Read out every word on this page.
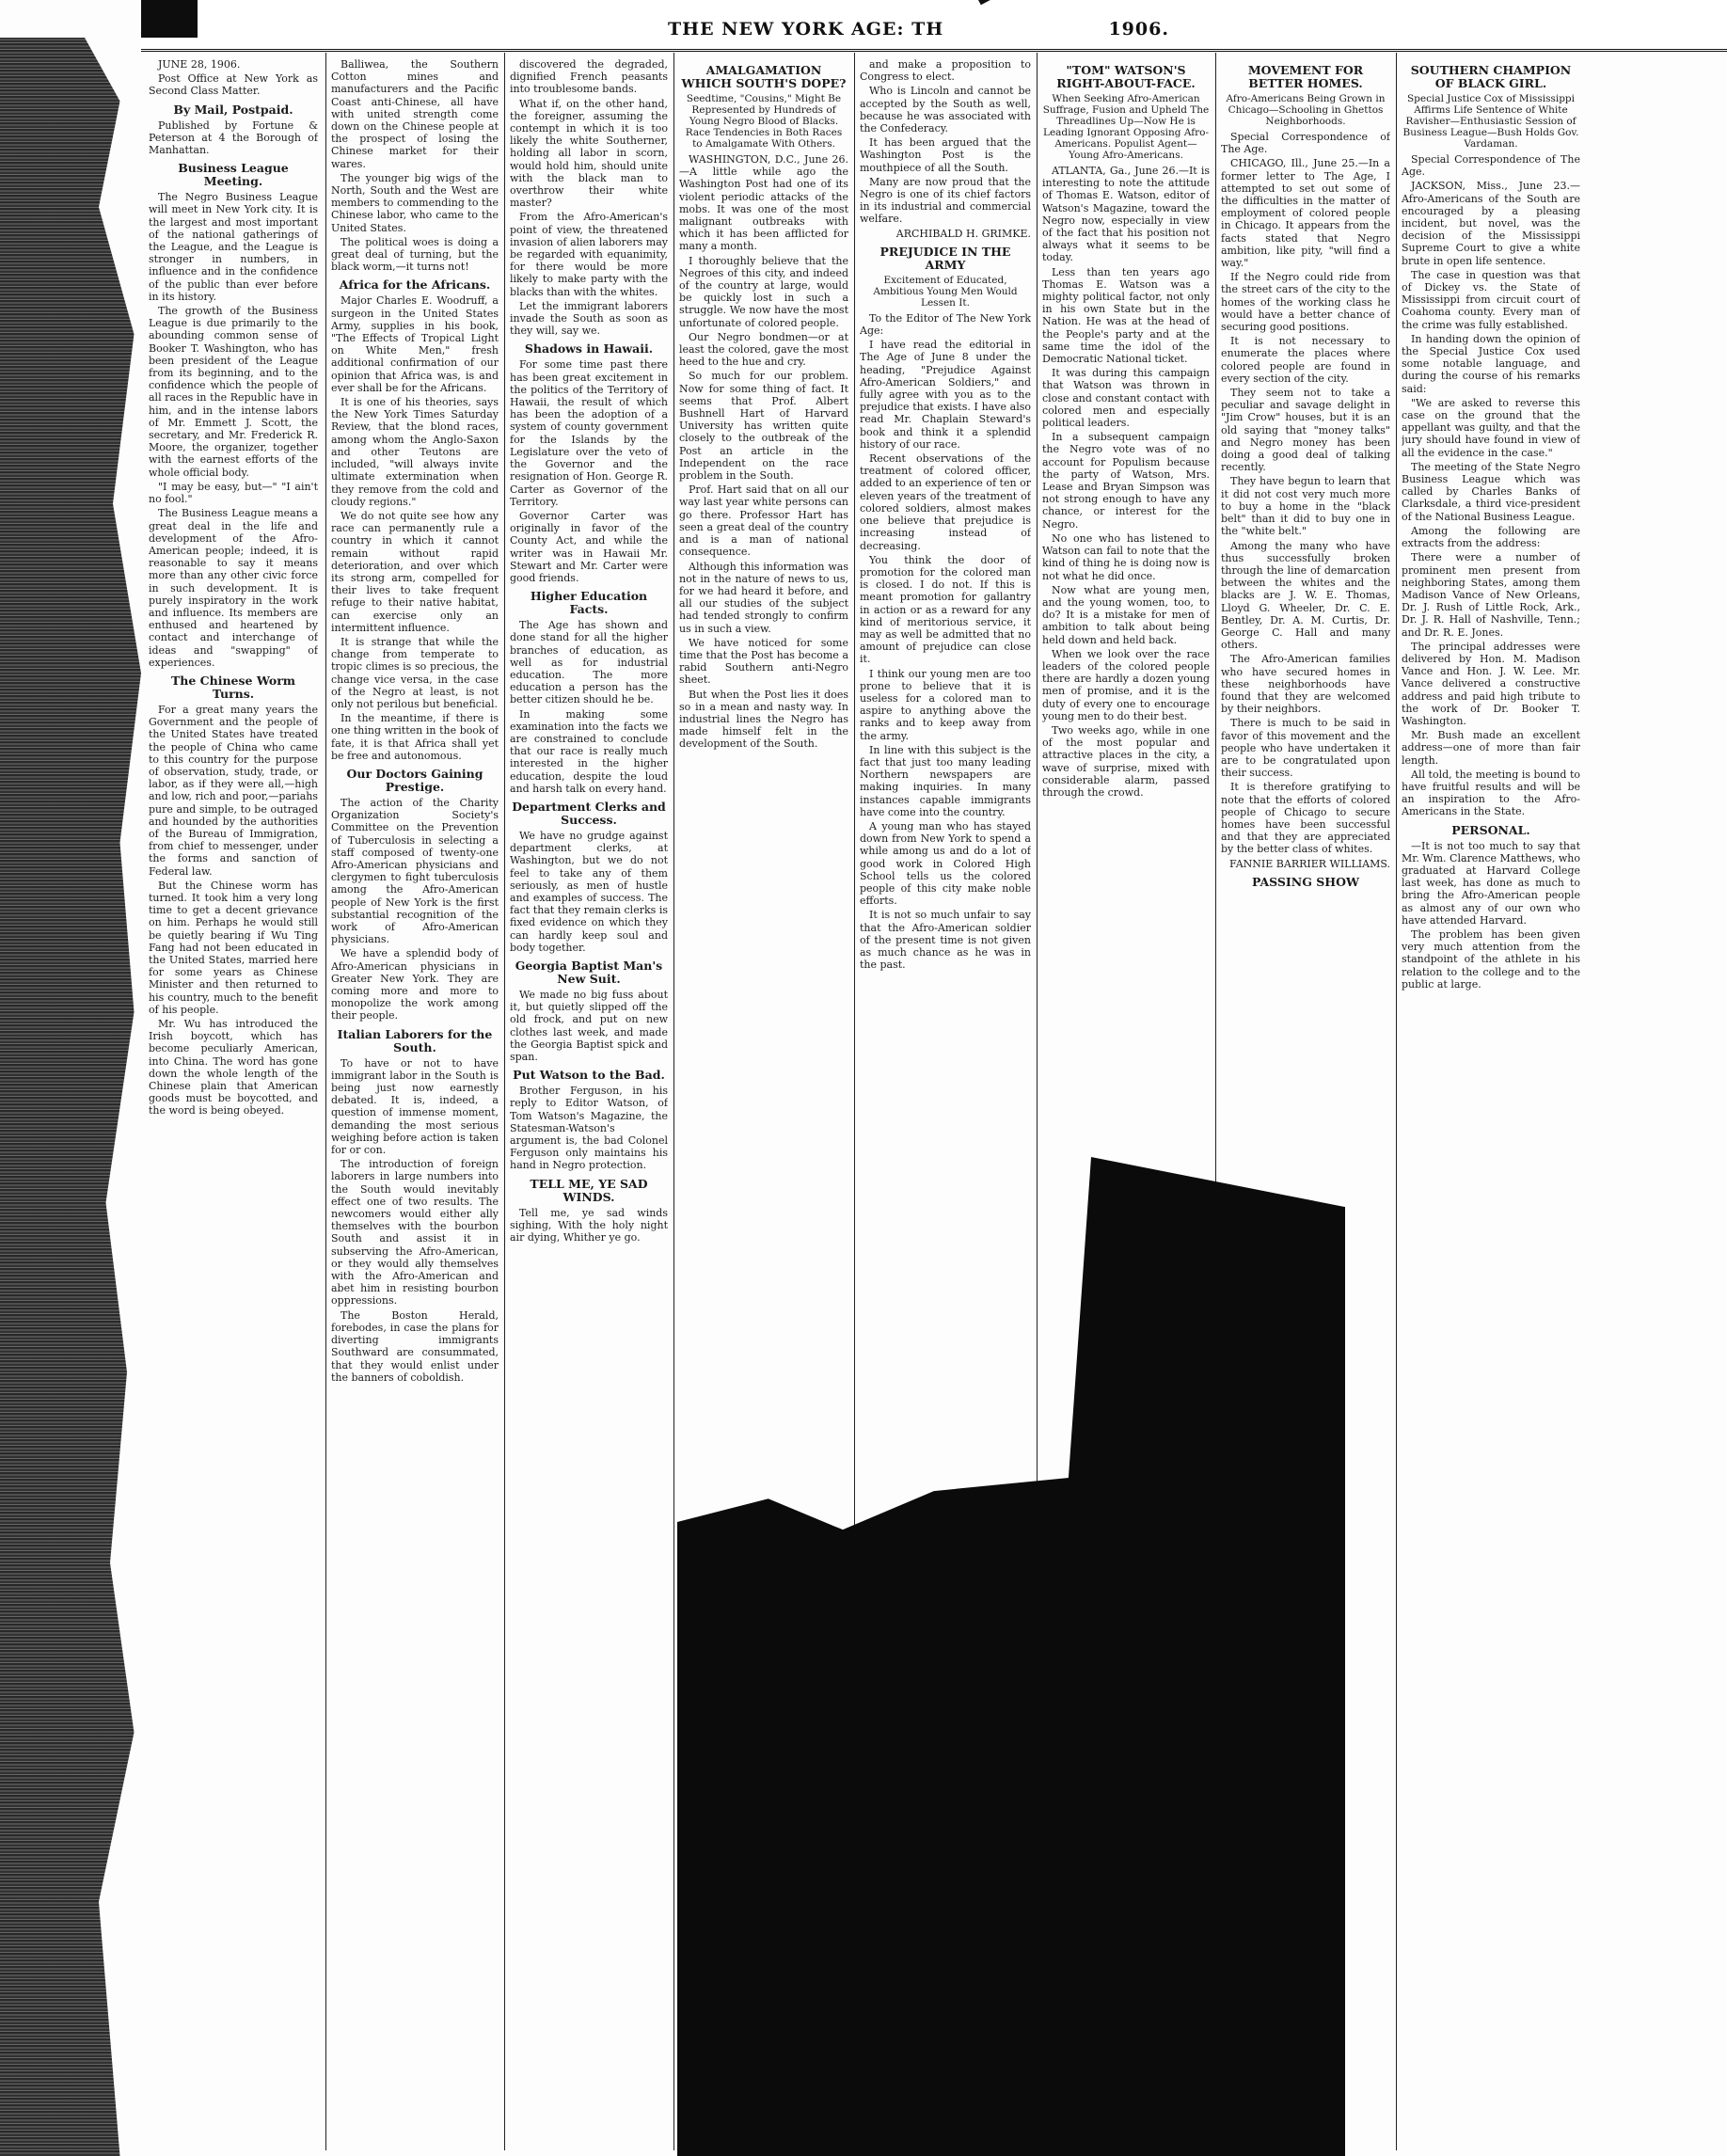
THE NEW YORK AGE: TH	1906.

JUNE 28, 1906.

Post Office at New York as Second Class Matter.

By Mail, Postpaid.

Published by Fortune & Peterson at 4 the Borough of Manhattan.

Business League Meeting.

The Negro Business League will meet in New York city. It is the largest and most important of the national gatherings of the League, and the League is stronger in numbers, in influence and in the confidence of the public than ever before in its history.

The growth of the Business League is due primarily to the abounding common sense of Booker T. Washington, who has been president of the League from its beginning, and to the confidence which the people of all races in the Republic have in him, and in the intense labors of Mr. Emmett J. Scott, the secretary, and Mr. Frederick R. Moore, the organizer, together with the earnest efforts of the whole official body.

"I may be easy, but—" "I ain't no fool."

The Business League means a great deal in the life and development of the Afro-American people; indeed, it is reasonable to say it means more than any other civic force in such development. It is purely inspiratory in the work and influence. Its members are enthused and heartened by contact and interchange of ideas and "swapping" of experiences.

The Chinese Worm Turns.

For a great many years the Government and the people of the United States have treated the people of China who came to this country for the purpose of observation, study, trade, or labor, as if they were all,—high and low, rich and poor,—pariahs pure and simple, to be outraged and hounded by the authorities of the Bureau of Immigration, from chief to messenger, under the forms and sanction of Federal law.

But the Chinese worm has turned. It took him a very long time to get a decent grievance on him. Perhaps he would still be quietly bearing if Wu Ting Fang had not been educated in the United States, married here for some years as Chinese Minister and then returned to his country, much to the benefit of his people.

Mr. Wu has introduced the Irish boycott, which has become peculiarly American, into China. The word has gone down the whole length of the Chinese plain that American goods must be boycotted, and the word is being obeyed.

Balliwea, the Southern Cotton mines and manufacturers and the Pacific Coast anti-Chinese, all have with united strength come down on the Chinese people at the prospect of losing the Chinese market for their wares.

The younger big wigs of the North, South and the West are members to commending to the Chinese labor, who came to the United States.

The political woes is doing a great deal of turning, but the black worm,—it turns not!

Africa for the Africans.

Major Charles E. Woodruff, a surgeon in the United States Army, supplies in his book, "The Effects of Tropical Light on White Men," fresh additional confirmation of our opinion that Africa was, is and ever shall be for the Africans.

It is one of his theories, says the New York Times Saturday Review, that the blond races, among whom the Anglo-Saxon and other Teutons are included, "will always invite ultimate extermination when they remove from the cold and cloudy regions."

We do not quite see how any race can permanently rule a country in which it cannot remain without rapid deterioration, and over which its strong arm, compelled for their lives to take frequent refuge to their native habitat, can exercise only an intermittent influence.

It is strange that while the change from temperate to tropic climes is so precious, the change vice versa, in the case of the Negro at least, is not only not perilous but beneficial.

In the meantime, if there is one thing written in the book of fate, it is that Africa shall yet be free and autonomous.

Our Doctors Gaining Prestige.

The action of the Charity Organization Society's Committee on the Prevention of Tuberculosis in selecting a staff composed of twenty-one Afro-American physicians and clergymen to fight tuberculosis among the Afro-American people of New York is the first substantial recognition of the work of Afro-American physicians.

We have a splendid body of Afro-American physicians in Greater New York. They are coming more and more to monopolize the work among their people.

Italian Laborers for the South.

To have or not to have immigrant labor in the South is being just now earnestly debated. It is, indeed, a question of immense moment, demanding the most serious weighing before action is taken for or con.

The introduction of foreign laborers in large numbers into the South would inevitably effect one of two results. The newcomers would either ally themselves with the bourbon South and assist it in subserving the Afro-American, or they would ally themselves with the Afro-American and abet him in resisting bourbon oppressions.

The Boston Herald, forebodes, in case the plans for diverting immigrants Southward are consummated, that they would enlist under the banners of coboldish.

discovered the degraded, dignified French peasants into troublesome bands.

What if, on the other hand, the foreigner, assuming the contempt in which it is too likely the white Southerner, holding all labor in scorn, would hold him, should unite with the black man to overthrow their white master?

From the Afro-American's point of view, the threatened invasion of alien laborers may be regarded with equanimity, for there would be more likely to make party with the blacks than with the whites.

Let the immigrant laborers invade the South as soon as they will, say we.

Shadows in Hawaii.

For some time past there has been great excitement in the politics of the Territory of Hawaii, the result of which has been the adoption of a system of county government for the Islands by the Legislature over the veto of the Governor and the resignation of Hon. George R. Carter as Governor of the Territory.

Governor Carter was originally in favor of the County Act, and while the writer was in Hawaii Mr. Stewart and Mr. Carter were good friends.

Higher Education Facts.

The Age has shown and done stand for all the higher branches of education, as well as for industrial education. The more education a person has the better citizen should he be.

In making some examination into the facts we are constrained to conclude that our race is really much interested in the higher education, despite the loud and harsh talk on every hand.

Department Clerks and Success.

We have no grudge against department clerks, at Washington, but we do not feel to take any of them seriously, as men of hustle and examples of success. The fact that they remain clerks is fixed evidence on which they can hardly keep soul and body together.

Georgia Baptist Man's New Suit.

We made no big fuss about it, but quietly slipped off the old frock, and put on new clothes last week, and made the Georgia Baptist spick and span.

Put Watson to the Bad.

Brother Ferguson, in his reply to Editor Watson, of Tom Watson's Magazine, the Statesman-Watson's argument is, the bad Colonel Ferguson only maintains his hand in Negro protection.

TELL ME, YE SAD WINDS.

Tell me, ye sad winds sighing, With the holy night air dying, Whither ye go.

AMALGAMATION WHICH SOUTH'S DOPE?

Seedtime, "Cousins," Might Be Represented by Hundreds of Young Negro Blood of Blacks. Race Tendencies in Both Races to Amalgamate With Others.

WASHINGTON, D.C., June 26.—A little while ago the Washington Post had one of its violent periodic attacks of the mobs. It was one of the most malignant outbreaks with which it has been afflicted for many a month.

I thoroughly believe that the Negroes of this city, and indeed of the country at large, would be quickly lost in such a struggle. We now have the most unfortunate of colored people.

Our Negro bondmen—or at least the colored, gave the most heed to the hue and cry.

So much for our problem. Now for some thing of fact. It seems that Prof. Albert Bushnell Hart of Harvard University has written quite closely to the outbreak of the Post an article in the Independent on the race problem in the South.

Prof. Hart said that on all our way last year white persons can go there. Professor Hart has seen a great deal of the country and is a man of national consequence.

Although this information was not in the nature of news to us, for we had heard it before, and all our studies of the subject had tended strongly to confirm us in such a view.

We have noticed for some time that the Post has become a rabid Southern anti-Negro sheet.

But when the Post lies it does so in a mean and nasty way. In industrial lines the Negro has made himself felt in the development of the South.

and make a proposition to Congress to elect.

Who is Lincoln and cannot be accepted by the South as well, because he was associated with the Confederacy.

It has been argued that the Washington Post is the mouthpiece of all the South.

Many are now proud that the Negro is one of its chief factors in its industrial and commercial welfare.

ARCHIBALD H. GRIMKE.

PREJUDICE IN THE ARMY

Excitement of Educated, Ambitious Young Men Would Lessen It.

To the Editor of The New York Age:

I have read the editorial in The Age of June 8 under the heading, "Prejudice Against Afro-American Soldiers," and fully agree with you as to the prejudice that exists. I have also read Mr. Chaplain Steward's book and think it a splendid history of our race.

Recent observations of the treatment of colored officer, added to an experience of ten or eleven years of the treatment of colored soldiers, almost makes one believe that prejudice is increasing instead of decreasing.

You think the door of promotion for the colored man is closed. I do not. If this is meant promotion for gallantry in action or as a reward for any kind of meritorious service, it may as well be admitted that no amount of prejudice can close it.

I think our young men are too prone to believe that it is useless for a colored man to aspire to anything above the ranks and to keep away from the army.

In line with this subject is the fact that just too many leading Northern newspapers are making inquiries. In many instances capable immigrants have come into the country.

A young man who has stayed down from New York to spend a while among us and do a lot of good work in Colored High School tells us the colored people of this city make noble efforts.

It is not so much unfair to say that the Afro-American soldier of the present time is not given as much chance as he was in the past.

"TOM" WATSON'S RIGHT-ABOUT-FACE.

When Seeking Afro-American Suffrage, Fusion and Upheld The Threadlines Up—Now He is Leading Ignorant Opposing Afro-Americans. Populist Agent—Young Afro-Americans.

ATLANTA, Ga., June 26.—It is interesting to note the attitude of Thomas E. Watson, editor of Watson's Magazine, toward the Negro now, especially in view of the fact that his position not always what it seems to be today.

Less than ten years ago Thomas E. Watson was a mighty political factor, not only in his own State but in the Nation. He was at the head of the People's party and at the same time the idol of the Democratic National ticket.

It was during this campaign that Watson was thrown in close and constant contact with colored men and especially political leaders.

In a subsequent campaign the Negro vote was of no account for Populism because the party of Watson, Mrs. Lease and Bryan Simpson was not strong enough to have any chance, or interest for the Negro.

No one who has listened to Watson can fail to note that the kind of thing he is doing now is not what he did once.

Now what are young men, and the young women, too, to do? It is a mistake for men of ambition to talk about being held down and held back.

When we look over the race leaders of the colored people there are hardly a dozen young men of promise, and it is the duty of every one to encourage young men to do their best.

Two weeks ago, while in one of the most popular and attractive places in the city, a wave of surprise, mixed with considerable alarm, passed through the crowd.

MOVEMENT FOR BETTER HOMES.

Afro-Americans Being Grown in Chicago—Schooling in Ghettos Neighborhoods.

Special Correspondence of The Age.

CHICAGO, Ill., June 25.—In a former letter to The Age, I attempted to set out some of the difficulties in the matter of employment of colored people in Chicago. It appears from the facts stated that Negro ambition, like pity, "will find a way."

If the Negro could ride from the street cars of the city to the homes of the working class he would have a better chance of securing good positions.

It is not necessary to enumerate the places where colored people are found in every section of the city.

They seem not to take a peculiar and savage delight in "Jim Crow" houses, but it is an old saying that "money talks" and Negro money has been doing a good deal of talking recently.

They have begun to learn that it did not cost very much more to buy a home in the "black belt" than it did to buy one in the "white belt."

Among the many who have thus successfully broken through the line of demarcation between the whites and the blacks are J. W. E. Thomas, Lloyd G. Wheeler, Dr. C. E. Bentley, Dr. A. M. Curtis, Dr. George C. Hall and many others.

The Afro-American families who have secured homes in these neighborhoods have found that they are welcomed by their neighbors.

There is much to be said in favor of this movement and the people who have undertaken it are to be congratulated upon their success.

It is therefore gratifying to note that the efforts of colored people of Chicago to secure homes have been successful and that they are appreciated by the better class of whites.

FANNIE BARRIER WILLIAMS.

PASSING SHOW

SOUTHERN CHAMPION OF BLACK GIRL.

Special Justice Cox of Mississippi Affirms Life Sentence of White Ravisher—Enthusiastic Session of Business League—Bush Holds Gov. Vardaman.

Special Correspondence of The Age.

JACKSON, Miss., June 23.—Afro-Americans of the South are encouraged by a pleasing incident, but novel, was the decision of the Mississippi Supreme Court to give a white brute in open life sentence.

The case in question was that of Dickey vs. the State of Mississippi from circuit court of Coahoma county. Every man of the crime was fully established.

In handing down the opinion of the Special Justice Cox used some notable language, and during the course of his remarks said:

"We are asked to reverse this case on the ground that the appellant was guilty, and that the jury should have found in view of all the evidence in the case."

The meeting of the State Negro Business League which was called by Charles Banks of Clarksdale, a third vice-president of the National Business League.

Among the following are extracts from the address:

There were a number of prominent men present from neighboring States, among them Madison Vance of New Orleans, Dr. J. Rush of Little Rock, Ark., Dr. J. R. Hall of Nashville, Tenn.; and Dr. R. E. Jones.

The principal addresses were delivered by Hon. M. Madison Vance and Hon. J. W. Lee. Mr. Vance delivered a constructive address and paid high tribute to the work of Dr. Booker T. Washington.

Mr. Bush made an excellent address—one of more than fair length.

All told, the meeting is bound to have fruitful results and will be an inspiration to the Afro-Americans in the State.

PERSONAL.

—It is not too much to say that Mr. Wm. Clarence Matthews, who graduated at Harvard College last week, has done as much to bring the Afro-American people as almost any of our own who have attended Harvard.

The problem has been given very much attention from the standpoint of the athlete in his relation to the college and to the public at large.
